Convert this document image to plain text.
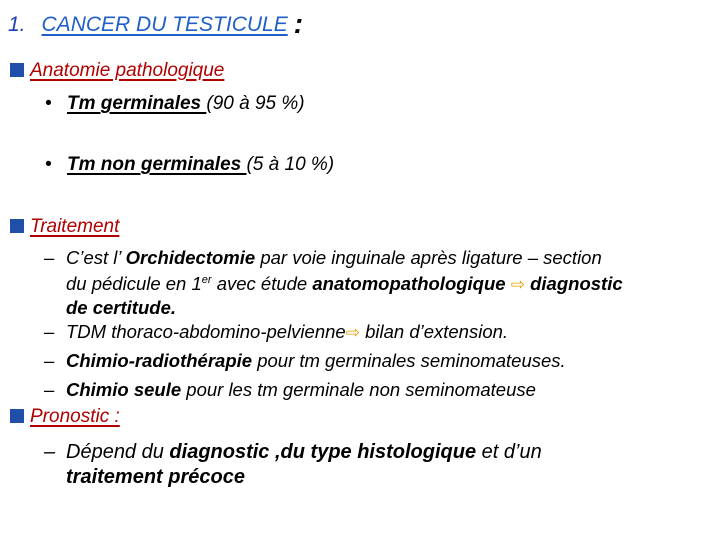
1. CANCER DU TESTICULE :
Anatomie pathologique
• Tm germinales (90 à 95 %)
• Tm non germinales (5 à 10 %)
Traitement
– C’est l’ Orchidectomie par voie inguinale après ligature – section
du pédicule en 1er avec étude anatomopathologique ⇨ diagnostic
de certitude.
– TDM thoraco-abdomino-pelvienne⇨ bilan d’extension.
– Chimio-radiothérapie pour tm germinales seminomateuses.
– Chimio seule pour les tm germinale non seminomateuse
Pronostic :
– Dépend du diagnostic ,du type histologique et d’un
traitement précoce
